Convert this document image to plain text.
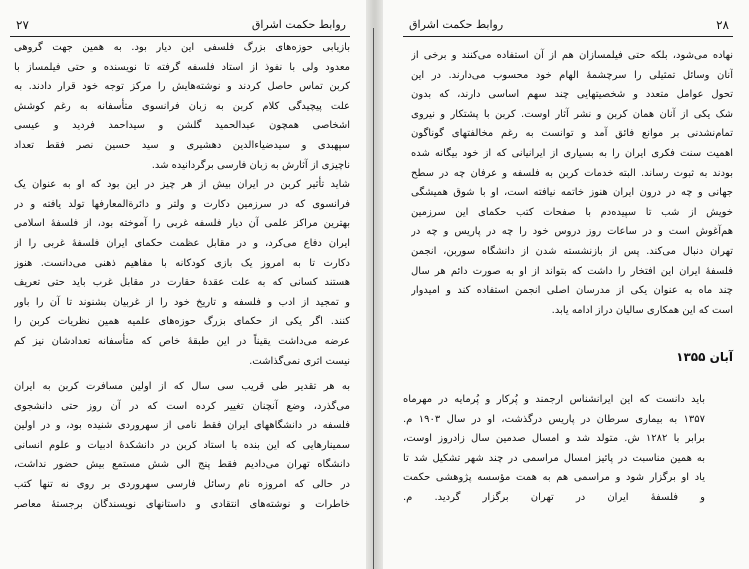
۲۷	روابط حکمت اشراق
بازیابی حوزه‌های بزرگ فلسفی این دیار بود. به همین جهت گروهی
معدود ولی با نفوذ از استاد فلسفه گرفته تا نویسنده و حتی فیلمساز با
کربن تماس حاصل کردند و نوشته‌هایش را مرکز توجه خود قرار دادند. به
علت پیچیدگی کلام کربن به زبان فرانسوی متأسفانه به رغم کوشش
اشخاصی همچون عبدالحمید گلشن و سیداحمد فردید و عیسی
سپهبدی و سیدضیاءالدین دهشیری و سید حسین نصر فقط تعداد
ناچیزی از آثارش به زبان فارسی برگردانیده شد.
شاید تأثیر کربن در ایران بیش از هر چیز در این بود که او به عنوان یک
فرانسوی که در سرزمین دکارت و ولتر و دائرةالمعارفها تولد یافته و در
بهترین مراکز علمی آن دیار فلسفه غربی را آموخته بود، از فلسفهٔ اسلامی
ایران دفاع می‌کرد، و در مقابل عظمت حکمای ایران فلسفهٔ غربی را از
دکارت تا به امروز یک بازی کودکانه با مفاهیم ذهنی می‌دانست. هنوز
هستند کسانی که به علت عقدهٔ حقارت در مقابل غرب باید حتی تعریف
و تمجید از ادب و فلسفه و تاریخ خود را از غربیان بشنوند تا آن را باور
کنند. اگر یکی از حکمای بزرگ حوزه‌های علمیه همین نظریات کربن را
عرضه می‌داشت یقیناً در این طبقهٔ خاص که متأسفانه تعدادشان نیز کم
نیست اثری نمی‌گذاشت.
به هر تقدیر طی قریب سی سال که از اولین مسافرت کربن به ایران
می‌گذرد، وضع آنچنان تغییر کرده است که در آن روز حتی دانشجوی
فلسفه در دانشگاههای ایران فقط نامی از سهروردی شنیده بود، و در اولین
سمینارهایی که این بنده با استاد کربن در دانشکدهٔ ادبیات و علوم انسانی
دانشگاه تهران می‌دادیم فقط پنج الی شش مستمع بیش حضور نداشت،
در حالی که امروزه نام رسائل فارسی سهروردی بر روی نه تنها کتب
خاطرات و نوشته‌های انتقادی و داستانهای نویسندگان برجستهٔ معاصر
روابط حکمت اشراق	۲۸
نهاده می‌شود، بلکه حتی فیلمسازان هم از آن استفاده می‌کنند و برخی از
آنان وسائل تمثیلی را سرچشمهٔ الهام خود محسوب می‌دارند. در این
تحول عوامل متعدد و شخصیتهایی چند سهم اساسی دارند، که بدون
شک یکی از آنان همان کربن و نشر آثار اوست. کربن با پشتکار و نیروی
تمام‌نشدنی بر موانع فائق آمد و توانست به رغم مخالفتهای گوناگون
اهمیت سنت فکری ایران را به بسیاری از ایرانیانی که از خود بیگانه شده
بودند به ثبوت رساند. البته خدمات کربن به فلسفه و عرفان چه در سطح
جهانی و چه در درون ایران هنوز خاتمه نیافته است، او با شوق همیشگی
خویش از شب تا سپیده‌دم با صفحات کتب حکمای این سرزمین
هم‌آغوش است و در ساعات روز دروس خود را چه در پاریس و چه در
تهران دنبال می‌کند. پس از بازنشسته شدن از دانشگاه سوربن، انجمن
فلسفهٔ ایران این افتخار را داشت که بتواند از او به صورت دائم هر سال
چند ماه به عنوان یکی از مدرسان اصلی انجمن استفاده کند و امیدوار
است که این همکاری سالیان دراز ادامه یابد.
آبان ۱۳۵۵
باید دانست که این ایرانشناس ارجمند و پُرکار و پُرمایه در مهرماه
۱۳۵۷ به بیماری سرطان در پاریس درگذشت، او در سال ۱۹۰۳ م.
برابر با ۱۲۸۲ ش. متولد شد و امسال صدمین سال زادروز اوست،
به همین مناسبت در پائیز امسال مراسمی در چند شهر تشکیل شد تا
یاد او برگزار شود و مراسمی هم به همت مؤسسه پژوهشی حکمت
و فلسفهٔ ایران در تهران برگزار گردید. م.
